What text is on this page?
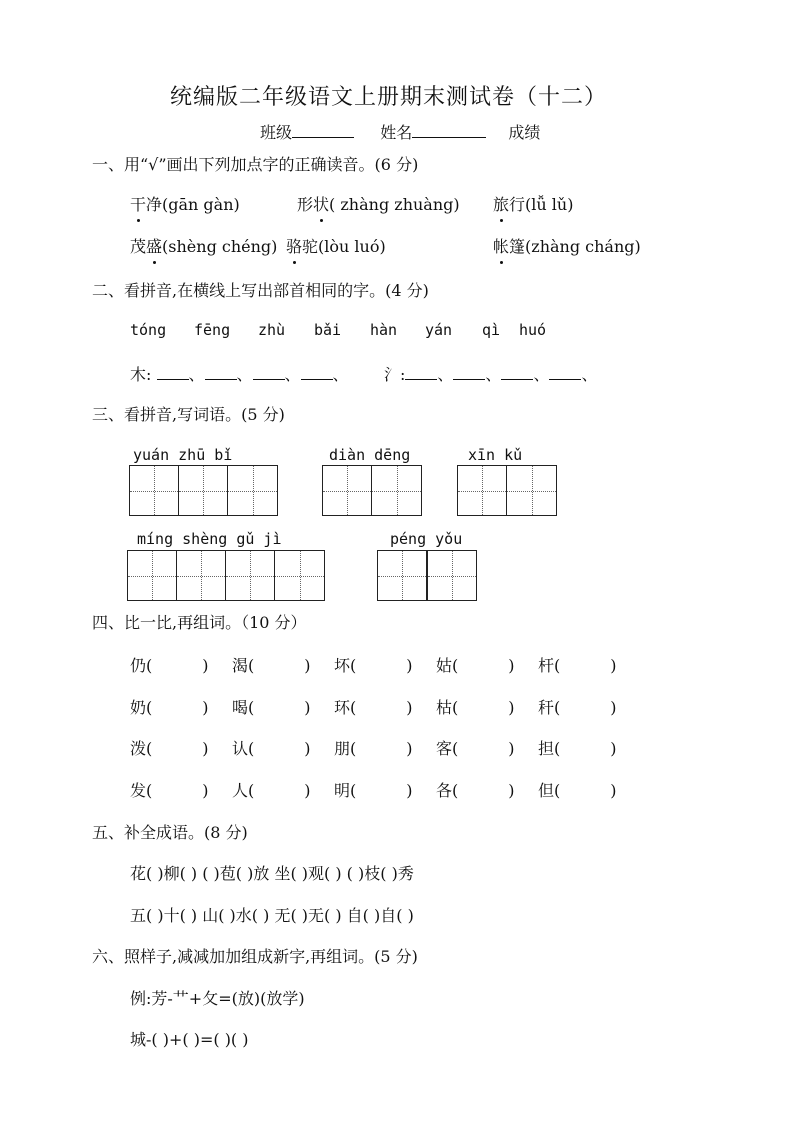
统编版二年级语文上册期末测试卷（十二）
班级	姓名	成绩
一、用“√”画出下列加点字的正确读音。(6 分)
干净(gān gàn)	形状( zhàng zhuàng) 旅行(lǚ lǔ)
茂盛(shèng chéng) 骆驼(lòu luó)	帐篷(zhàng cháng)
二、看拼音,在横线上写出部首相同的字。(4 分)
tóng fēng zhù bǎi hàn yán qì huó
木: 、 、 、 、 氵: 、 、 、 、
三、看拼音,写词语。(5 分)
yuán zhū bǐ	diàn dēng	xīn kǔ
míng shèng gǔ jì	péng yǒu
四、比一比,再组词。（10 分）
仍(	) 渴(	) 坏(	) 姑(	) 杆(	)
奶(	) 喝(	) 环(	) 枯(	) 秆(	)
泼(	) 认(	) 朋(	) 客(	) 担(	)
发(	) 人(	) 明(	) 各(	) 但(	)
五、补全成语。(8 分)
花( )柳( ) ( )苞( )放 坐( )观( ) ( )枝( )秀
五( )十( ) 山( )水( ) 无( )无( ) 自( )自( )
六、照样子,减减加加组成新字,再组词。(5 分)
例:芳-艹+攵=(放)(放学)
城-( )+( )=( )( )
